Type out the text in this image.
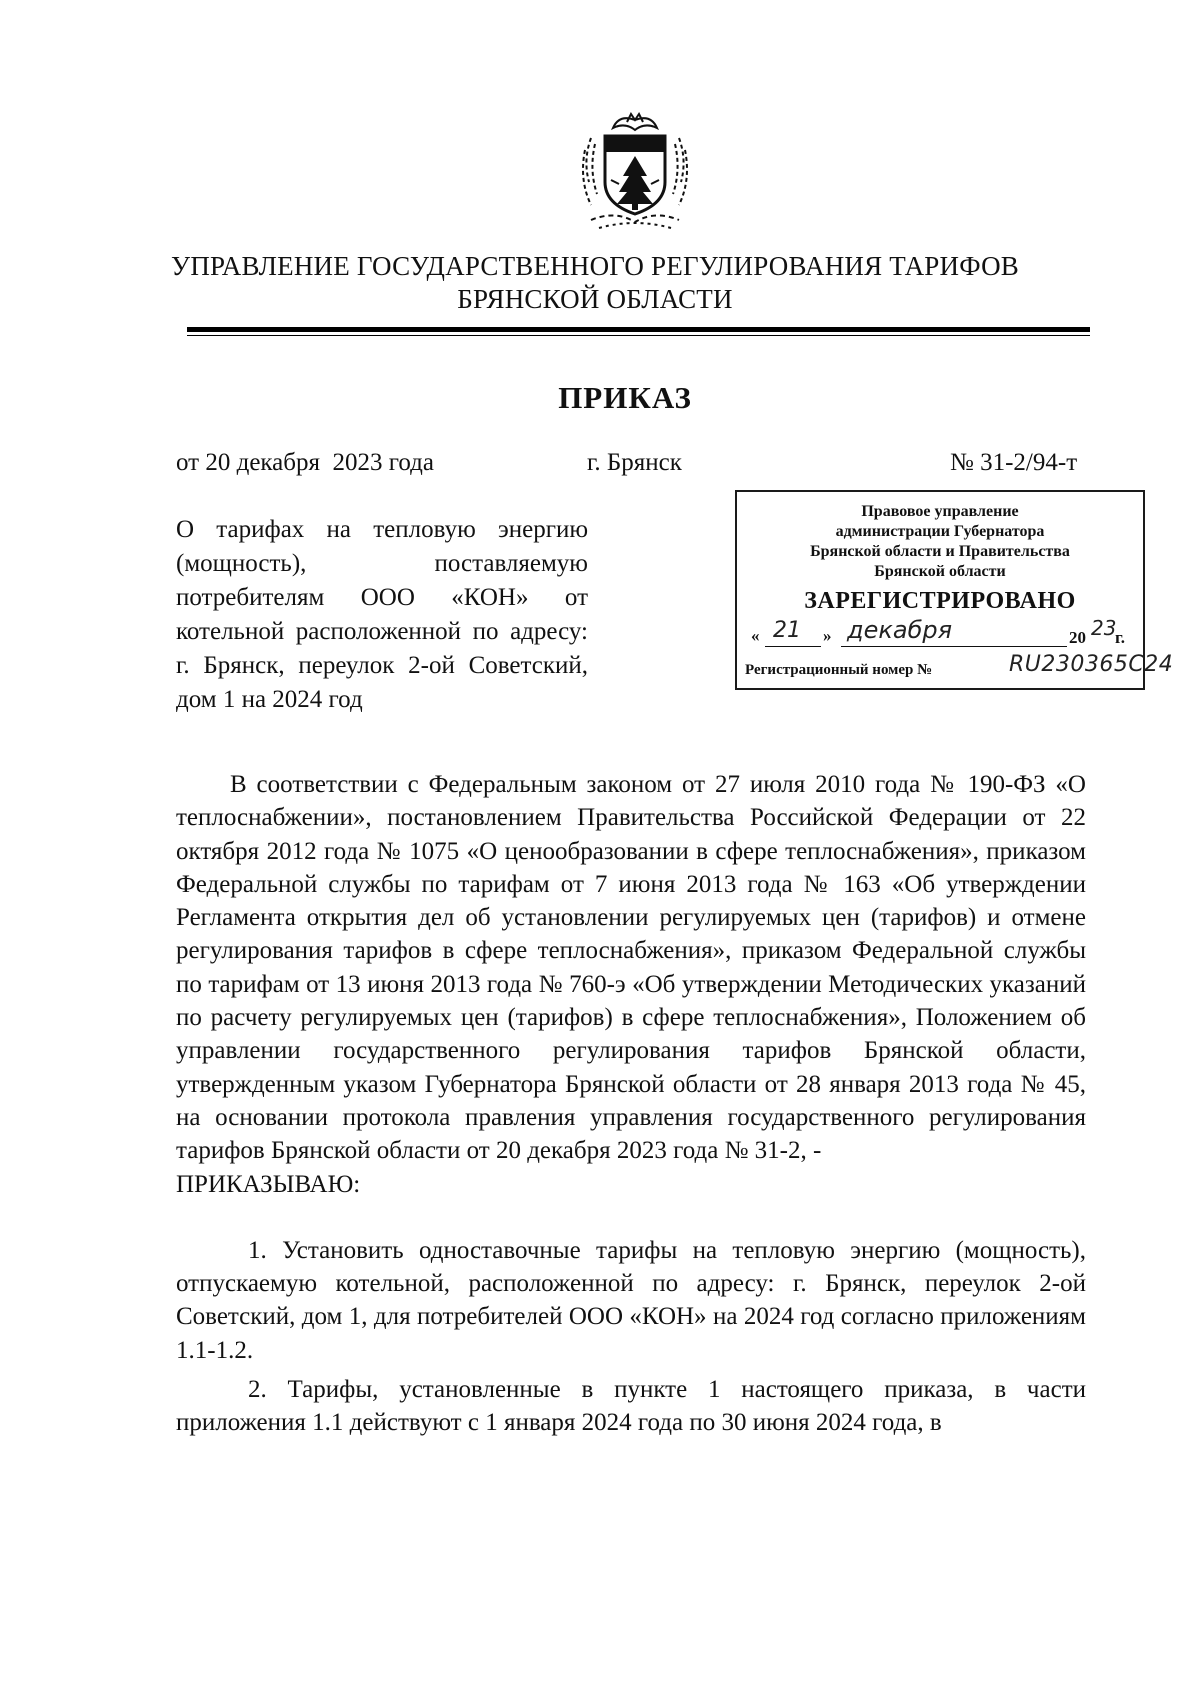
УПРАВЛЕНИЕ ГОСУДАРСТВЕННОГО РЕГУЛИРОВАНИЯ ТАРИФОВ
БРЯНСКОЙ ОБЛАСТИ
ПРИКАЗ
от 20 декабря  2023 года	г. Брянск	№ 31-2/94-т
О тарифах на тепловую энергию (мощность), поставляемую потребителям ООО «КОН» от котельной расположенной по адресу: г. Брянск, переулок 2-ой Советский, дом 1 на 2024 год
Правовое управление
администрации Губернатора
Брянской области и Правительства
Брянской области
ЗАРЕГИСТРИРОВАНО
« 21 » декабря	20 23
г.
Регистрационный номер №	RU230365C24

В соответствии с Федеральным законом от 27 июля 2010 года № 190-ФЗ «О теплоснабжении», постановлением Правительства Российской Федерации от 22 октября 2012 года № 1075 «О ценообразовании в сфере теплоснабжения», приказом Федеральной службы по тарифам от 7 июня 2013 года № 163 «Об утверждении Регламента открытия дел об установлении регулируемых цен (тарифов) и отмене регулирования тарифов в сфере теплоснабжения», приказом Федеральной службы по тарифам от 13 июня 2013 года № 760-э «Об утверждении Методических указаний по расчету регулируемых цен (тарифов) в сфере теплоснабжения», Положением об управлении государственного регулирования тарифов Брянской области, утвержденным указом Губернатора Брянской области от 28 января 2013 года № 45, на основании протокола правления управления государственного регулирования тарифов Брянской области от 20 декабря 2023 года № 31-2, -

ПРИКАЗЫВАЮ:

1. Установить одноставочные тарифы на тепловую энергию (мощность), отпускаемую котельной, расположенной по адресу: г. Брянск, переулок 2-ой Советский, дом 1, для потребителей ООО «КОН» на 2024 год согласно приложениям 1.1-1.2.

2. Тарифы, установленные в пункте 1 настоящего приказа, в части приложения 1.1 действуют с 1 января 2024 года по 30 июня 2024 года, в
